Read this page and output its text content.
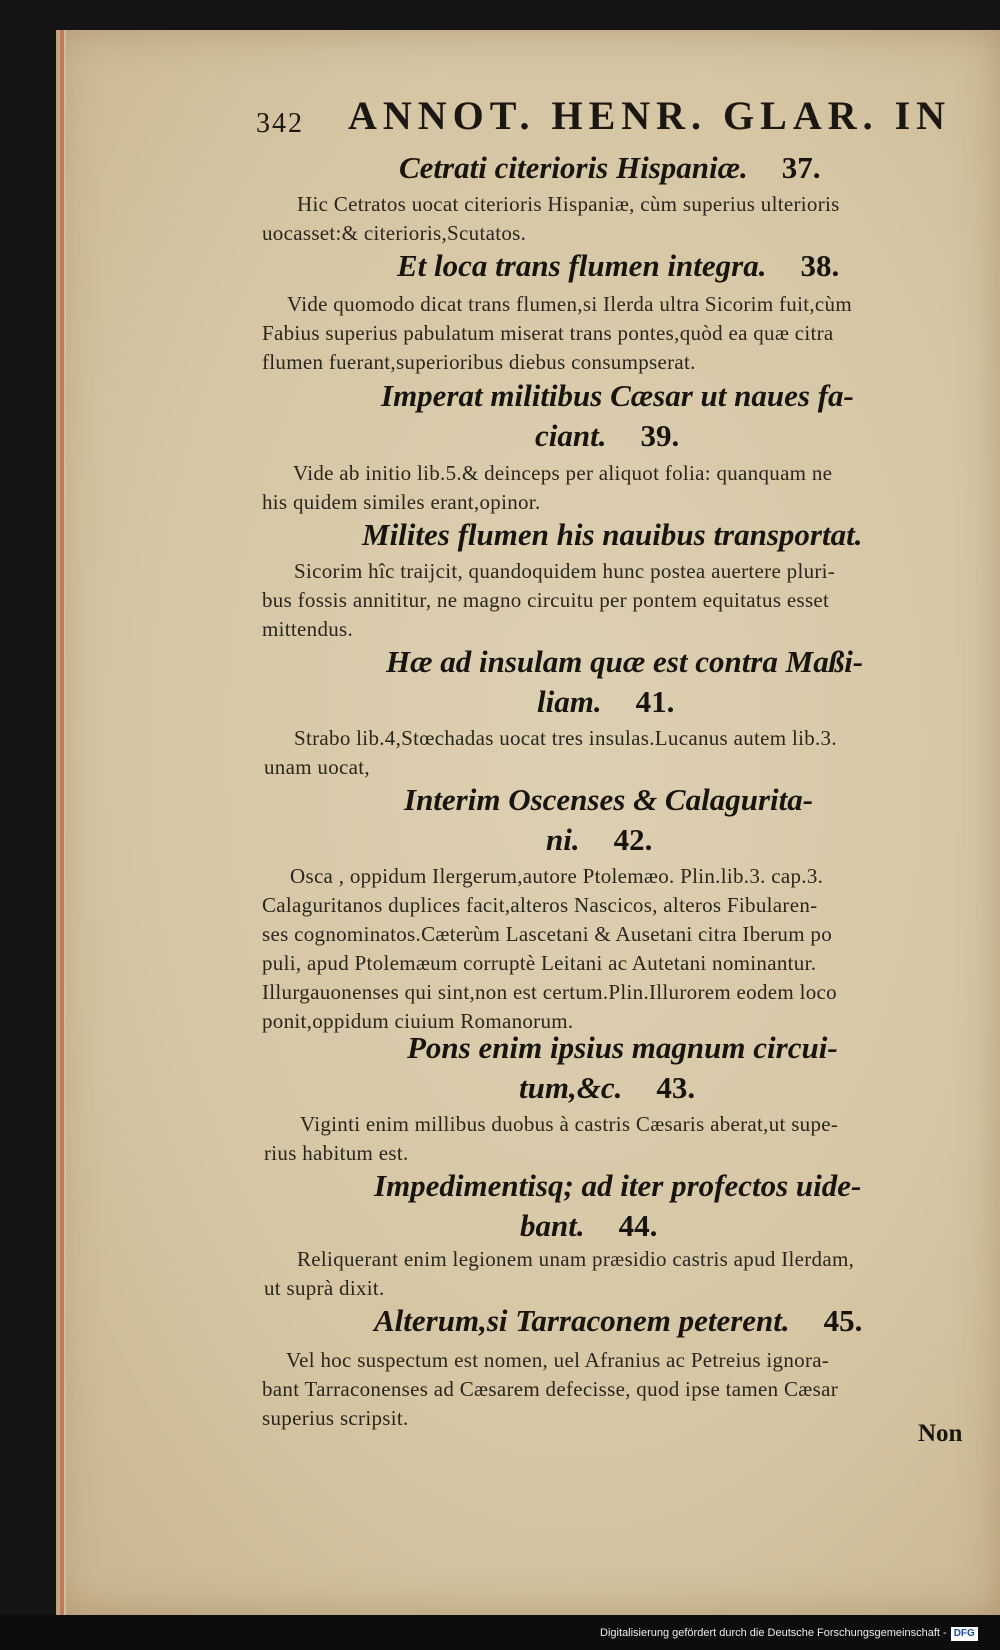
342 ANNOT. HENR. GLAR. IN
Cetrati citerioris Hispaniæ. 37.
Hic Cetratos uocat citerioris Hispaniæ, cùm superius ulterioris
uocasset:& citerioris,Scutatos.
Et loca trans flumen integra. 38.
Vide quomodo dicat trans flumen,si Ilerda ultra Sicorim fuit,cùm
Fabius superius pabulatum miserat trans pontes,quòd ea quæ citra
flumen fuerant,superioribus diebus consumpserat.
Imperat militibus Cæsar ut naues fa-
ciant. 39.
Vide ab initio lib.5.& deinceps per aliquot folia: quanquam ne
his quidem similes erant,opinor.
Milites flumen his nauibus transportat.
Sicorim hîc traijcit, quandoquidem hunc postea auertere pluri-
bus fossis annititur, ne magno circuitu per pontem equitatus esset
mittendus.
Hæ ad insulam quæ est contra Maßi-
liam. 41.
Strabo lib.4,Stœchadas uocat tres insulas.Lucanus autem lib.3.
unam uocat,
Interim Oscenses & Calagurita-
ni. 42.
Osca , oppidum Ilergerum,autore Ptolemæo. Plin.lib.3. cap.3.
Calaguritanos duplices facit,alteros Nascicos, alteros Fibularen-
ses cognominatos.Cæterùm Lascetani & Ausetani citra Iberum po
puli, apud Ptolemæum corruptè Leitani ac Autetani nominantur.
Illurgauonenses qui sint,non est certum.Plin.Illurorem eodem loco
ponit,oppidum ciuium Romanorum.
Pons enim ipsius magnum circui-
tum,&c. 43.
Viginti enim millibus duobus à castris Cæsaris aberat,ut supe-
rius habitum est.
Impedimentisq; ad iter profectos uide-
bant. 44.
Reliquerant enim legionem unam præsidio castris apud Ilerdam,
ut suprà dixit.
Alterum,si Tarraconem peterent. 45.
Vel hoc suspectum est nomen, uel Afranius ac Petreius ignora-
bant Tarraconenses ad Cæsarem defecisse, quod ipse tamen Cæsar
superius scripsit.
Non
Digitalisierung gefördert durch die Deutsche Forschungsgemeinschaft - DFG
